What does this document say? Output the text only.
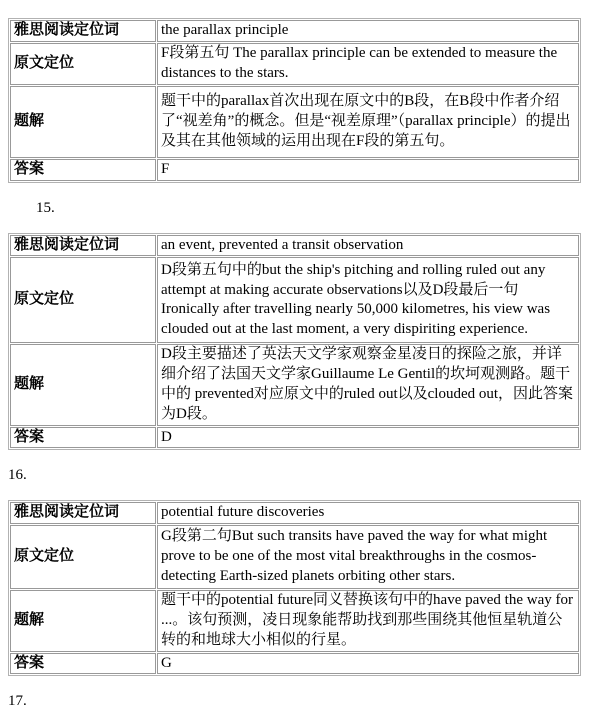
雅思阅读定位词	the parallax principle
原文定位	F段第五句 The parallax principle can be extended to measure the distances to the stars.
题解	题干中的parallax首次出现在原文中的B段，在B段中作者介绍了“视差角”的概念。但是“视差原理”（parallax principle）的提出及其在其他领域的运用出现在F段的第五句。
答案	F

15.

雅思阅读定位词	an event, prevented a transit observation
原文定位	D段第五句中的but the ship's pitching and rolling ruled out any attempt at making accurate observations以及D段最后一句 Ironically after travelling nearly 50,000 kilometres, his view was clouded out at the last moment, a very dispiriting experience.
题解	D段主要描述了英法天文学家观察金星凌日的探险之旅，并详细介绍了法国天文学家Guillaume Le Gentil的坎坷观测路。题干中的 prevented对应原文中的ruled out以及clouded out，因此答案为D段。
答案	D

16.

雅思阅读定位词	potential future discoveries
原文定位	G段第二句But such transits have paved the way for what might prove to be one of the most vital breakthroughs in the cosmos-detecting Earth-sized planets orbiting other stars.
题解	题干中的potential future同义替换该句中的have paved the way for ...。该句预测，凌日现象能帮助找到那些围绕其他恒星轨道公转的和地球大小相似的行星。
答案	G

17.
